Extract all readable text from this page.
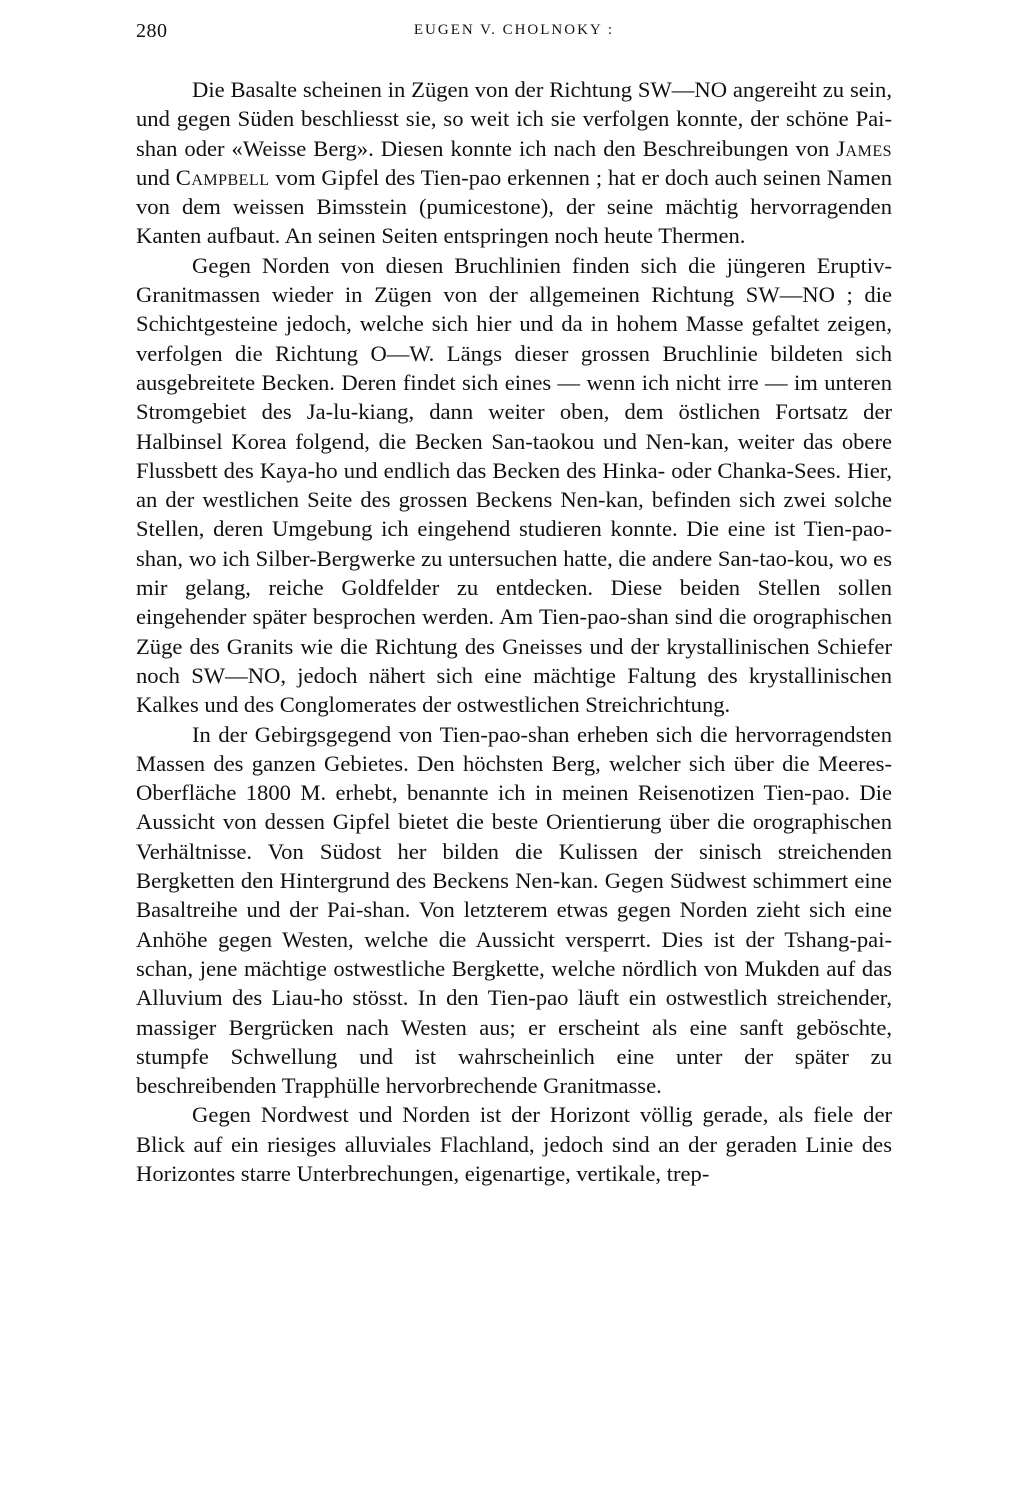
280	EUGEN V. CHOLNOKY :

Die Basalte scheinen in Zügen von der Richtung SW—NO angereiht zu sein, und gegen Süden beschliesst sie, so weit ich sie verfolgen konnte, der schöne Pai-shan oder «Weisse Berg». Diesen konnte ich nach den Beschreibungen von James und Campbell vom Gipfel des Tien-pao erkennen ; hat er doch auch seinen Namen von dem weissen Bimsstein (pumicestone), der seine mächtig hervorragenden Kanten aufbaut. An seinen Seiten entspringen noch heute Thermen.

Gegen Norden von diesen Bruchlinien finden sich die jüngeren Eruptiv-Granitmassen wieder in Zügen von der allgemeinen Richtung SW—NO ; die Schichtgesteine jedoch, welche sich hier und da in hohem Masse gefaltet zeigen, verfolgen die Richtung O—W. Längs dieser grossen Bruchlinie bildeten sich ausgebreitete Becken. Deren findet sich eines — wenn ich nicht irre — im unteren Stromgebiet des Ja-lu-kiang, dann weiter oben, dem östlichen Fortsatz der Halbinsel Korea folgend, die Becken San-taokou und Nen-kan, weiter das obere Flussbett des Kaya-ho und endlich das Becken des Hinka- oder Chanka-Sees. Hier, an der westlichen Seite des grossen Beckens Nen-kan, befinden sich zwei solche Stellen, deren Umgebung ich eingehend studieren konnte. Die eine ist Tien-pao-shan, wo ich Silber-Bergwerke zu untersuchen hatte, die andere San-tao-kou, wo es mir gelang, reiche Goldfelder zu entdecken. Diese beiden Stellen sollen eingehender später besprochen werden. Am Tien-pao-shan sind die orographischen Züge des Granits wie die Richtung des Gneisses und der krystallinischen Schiefer noch SW—NO, jedoch nähert sich eine mächtige Faltung des krystallinischen Kalkes und des Conglomerates der ostwestlichen Streichrichtung.

In der Gebirgsgegend von Tien-pao-shan erheben sich die hervorragendsten Massen des ganzen Gebietes. Den höchsten Berg, welcher sich über die Meeres-Oberfläche 1800 M. erhebt, benannte ich in meinen Reisenotizen Tien-pao. Die Aussicht von dessen Gipfel bietet die beste Orientierung über die orographischen Verhältnisse. Von Südost her bilden die Kulissen der sinisch streichenden Bergketten den Hintergrund des Beckens Nen-kan. Gegen Südwest schimmert eine Basaltreihe und der Pai-shan. Von letzterem etwas gegen Norden zieht sich eine Anhöhe gegen Westen, welche die Aussicht versperrt. Dies ist der Tshang-pai-schan, jene mächtige ostwestliche Bergkette, welche nördlich von Mukden auf das Alluvium des Liau-ho stösst. In den Tien-pao läuft ein ostwestlich streichender, massiger Bergrücken nach Westen aus; er erscheint als eine sanft geböschte, stumpfe Schwellung und ist wahrscheinlich eine unter der später zu beschreibenden Trapphülle hervorbrechende Granitmasse.

Gegen Nordwest und Norden ist der Horizont völlig gerade, als fiele der Blick auf ein riesiges alluviales Flachland, jedoch sind an der geraden Linie des Horizontes starre Unterbrechungen, eigenartige, vertikale, trep-
